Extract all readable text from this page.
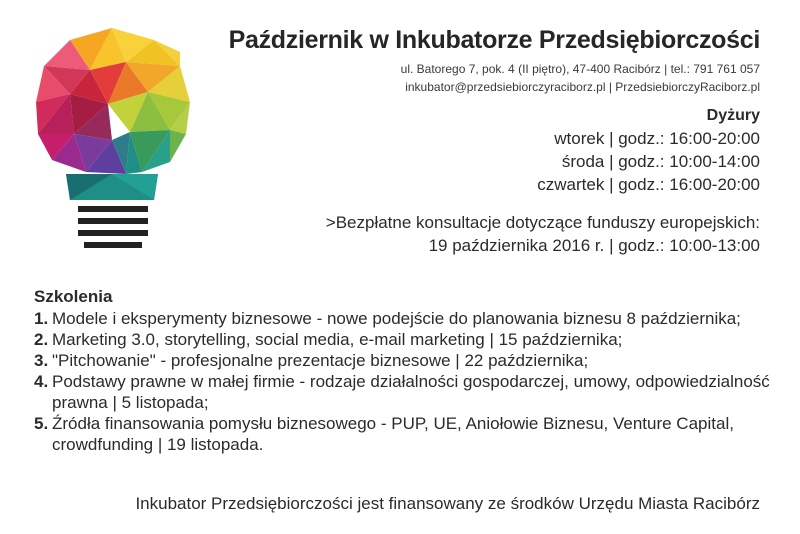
Październik w Inkubatorze Przedsiębiorczości
ul. Batorego 7, pok. 4 (II piętro), 47-400 Racibórz | tel.: 791 761 057
inkubator@przedsiebiorczyraciborz.pl | PrzedsiebiorczyRaciborz.pl
Dyżury
wtorek | godz.: 16:00-20:00
środa | godz.: 10:00-14:00
czwartek | godz.: 16:00-20:00
>Bezpłatne konsultacje dotyczące funduszy europejskich:
19 października 2016 r. | godz.: 10:00-13:00
Szkolenia
1. Modele i eksperymenty biznesowe - nowe podejście do planowania biznesu 8 października;
2. Marketing 3.0, storytelling, social media, e-mail marketing | 15 października;
3. "Pitchowanie" - profesjonalne prezentacje biznesowe | 22 października;
4. Podstawy prawne w małej firmie - rodzaje działalności gospodarczej, umowy, odpowiedzialność prawna | 5 listopada;
5. Źródła finansowania pomysłu biznesowego - PUP, UE, Aniołowie Biznesu, Venture Capital, crowdfunding | 19 listopada.
Inkubator Przedsiębiorczości jest finansowany ze środków Urzędu Miasta Racibórz
